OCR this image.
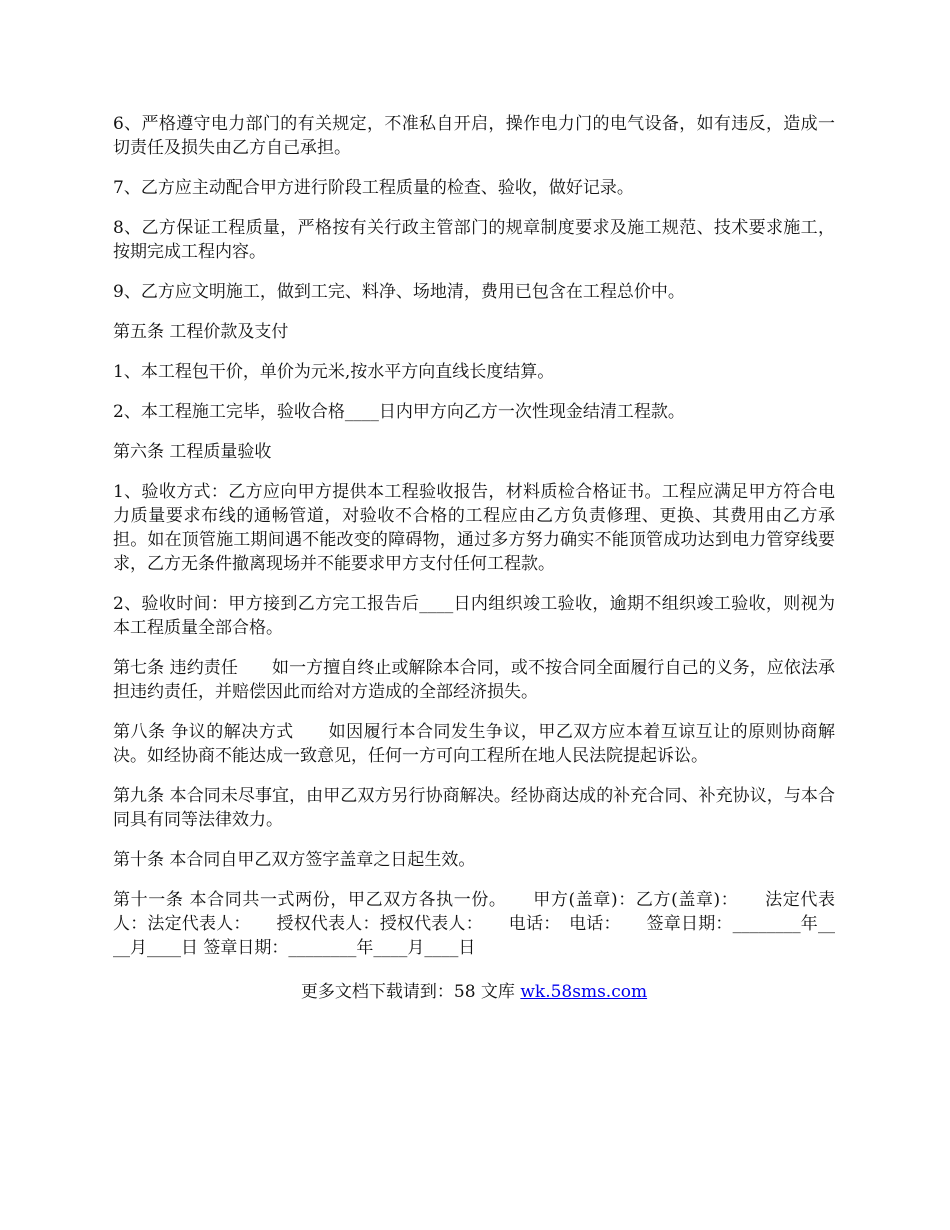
6、严格遵守电力部门的有关规定，不准私自开启，操作电力门的电气设备，如有违反，造成一切责任及损失由乙方自己承担。

7、乙方应主动配合甲方进行阶段工程质量的检查、验收，做好记录。

8、乙方保证工程质量，严格按有关行政主管部门的规章制度要求及施工规范、技术要求施工，按期完成工程内容。

9、乙方应文明施工，做到工完、料净、场地清，费用已包含在工程总价中。

第五条 工程价款及支付

1、本工程包干价，单价为元米,按水平方向直线长度结算。

2、本工程施工完毕，验收合格____日内甲方向乙方一次性现金结清工程款。

第六条 工程质量验收

1、验收方式：乙方应向甲方提供本工程验收报告，材料质检合格证书。工程应满足甲方符合电力质量要求布线的通畅管道，对验收不合格的工程应由乙方负责修理、更换、其费用由乙方承担。如在顶管施工期间遇不能改变的障碍物，通过多方努力确实不能顶管成功达到电力管穿线要求，乙方无条件撤离现场并不能要求甲方支付任何工程款。

2、验收时间：甲方接到乙方完工报告后____日内组织竣工验收，逾期不组织竣工验收，则视为本工程质量全部合格。

第七条 违约责任　　如一方擅自终止或解除本合同，或不按合同全面履行自己的义务，应依法承担违约责任，并赔偿因此而给对方造成的全部经济损失。

第八条 争议的解决方式　　如因履行本合同发生争议，甲乙双方应本着互谅互让的原则协商解决。如经协商不能达成一致意见，任何一方可向工程所在地人民法院提起诉讼。

第九条 本合同未尽事宜，由甲乙双方另行协商解决。经协商达成的补充合同、补充协议，与本合同具有同等法律效力。

第十条 本合同自甲乙双方签字盖章之日起生效。

第十一条 本合同共一式两份，甲乙双方各执一份。　　甲方(盖章)：乙方(盖章)：　　法定代表人：法定代表人：　　授权代表人：授权代表人：　　电话：　电话：　　签章日期：________年____月____日 签章日期：________年____月____日

更多文档下载请到：58 文库 wk.58sms.com
